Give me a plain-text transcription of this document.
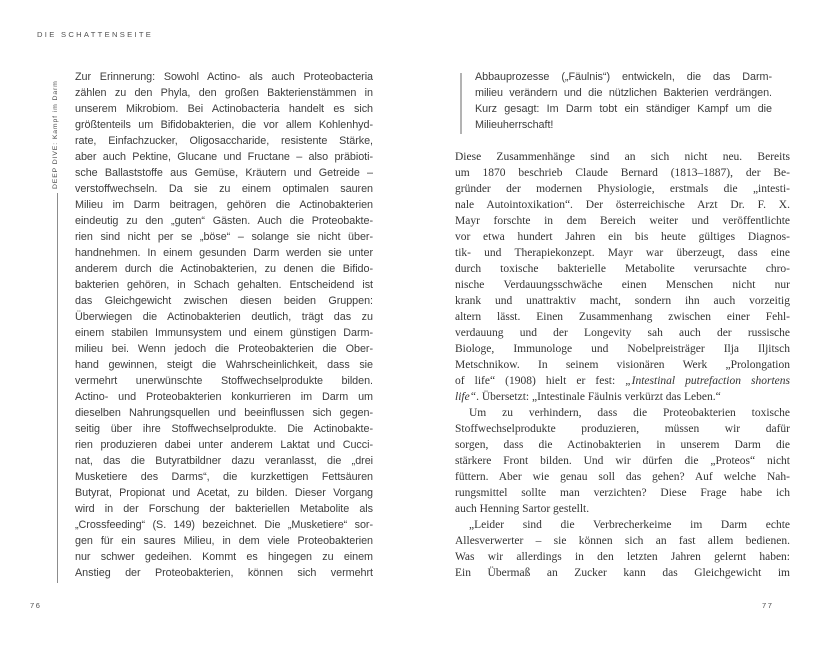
DIE SCHATTENSEITE
DEEP DIVE: Kampf im Darm
Zur Erinnerung: Sowohl Actino- als auch Proteobacteria
zählen zu den Phyla, den großen Bakterienstämmen in
unserem Mikrobiom. Bei Actinobacteria handelt es sich
größtenteils um Bifidobakterien, die vor allem Kohlenhyd-
rate, Einfachzucker, Oligosaccharide, resistente Stärke,
aber auch Pektine, Glucane und Fructane – also präbioti-
sche Ballaststoffe aus Gemüse, Kräutern und Getreide –
verstoffwechseln. Da sie zu einem optimalen sauren
Milieu im Darm beitragen, gehören die Actinobakterien
eindeutig zu den „guten“ Gästen. Auch die Proteobakte-
rien sind nicht per se „böse“ – solange sie nicht über-
handnehmen. In einem gesunden Darm werden sie unter
anderem durch die Actinobakterien, zu denen die Bifido-
bakterien gehören, in Schach gehalten. Entscheidend ist
das Gleichgewicht zwischen diesen beiden Gruppen:
Überwiegen die Actinobakterien deutlich, trägt das zu
einem stabilen Immunsystem und einem günstigen Darm-
milieu bei. Wenn jedoch die Proteobakterien die Ober-
hand gewinnen, steigt die Wahrscheinlichkeit, dass sie
vermehrt unerwünschte Stoffwechselprodukte bilden.
Actino- und Proteobakterien konkurrieren im Darm um
dieselben Nahrungsquellen und beeinflussen sich gegen-
seitig über ihre Stoffwechselprodukte. Die Actinobakte-
rien produzieren dabei unter anderem Laktat und Cucci-
nat, das die Butyratbildner dazu veranlasst, die „drei
Musketiere des Darms“, die kurzkettigen Fettsäuren
Butyrat, Propionat und Acetat, zu bilden. Dieser Vorgang
wird in der Forschung der bakteriellen Metabolite als
„Crossfeeding“ (S. 149) bezeichnet. Die „Musketiere“ sor-
gen für ein saures Milieu, in dem viele Proteobakterien
nur schwer gedeihen. Kommt es hingegen zu einem
Anstieg der Proteobakterien, können sich vermehrt
Abbauprozesse („Fäulnis“) entwickeln, die das Darm-
milieu verändern und die nützlichen Bakterien verdrängen.
Kurz gesagt: Im Darm tobt ein ständiger Kampf um die
Milieuherrschaft!
Diese Zusammenhänge sind an sich nicht neu. Bereits
um 1870 beschrieb Claude Bernard (1813–1887), der Be-
gründer der modernen Physiologie, erstmals die „intesti-
nale Autointoxikation“. Der österreichische Arzt Dr. F. X.
Mayr forschte in dem Bereich weiter und veröffentlichte
vor etwa hundert Jahren ein bis heute gültiges Diagnos-
tik- und Therapiekonzept. Mayr war überzeugt, dass eine
durch toxische bakterielle Metabolite verursachte chro-
nische Verdauungsschwäche einen Menschen nicht nur
krank und unattraktiv macht, sondern ihn auch vorzeitig
altern lässt. Einen Zusammenhang zwischen einer Fehl-
verdauung und der Longevity sah auch der russische
Biologe, Immunologe und Nobelpreisträger Ilja Iljitsch
Metschnikow. In seinem visionären Werk „Prolongation
of life“ (1908) hielt er fest: „Intestinal putrefaction shortens
life“. Übersetzt: „Intestinale Fäulnis verkürzt das Leben.“
Um zu verhindern, dass die Proteobakterien toxische
Stoffwechselprodukte produzieren, müssen wir dafür
sorgen, dass die Actinobakterien in unserem Darm die
stärkere Front bilden. Und wir dürfen die „Proteos“ nicht
füttern. Aber wie genau soll das gehen? Auf welche Nah-
rungsmittel sollte man verzichten? Diese Frage habe ich
auch Henning Sartor gestellt.
„Leider sind die Verbrecherkeime im Darm echte
Allesverwerter – sie können sich an fast allem bedienen.
Was wir allerdings in den letzten Jahren gelernt haben:
Ein Übermaß an Zucker kann das Gleichgewicht im
76	77
